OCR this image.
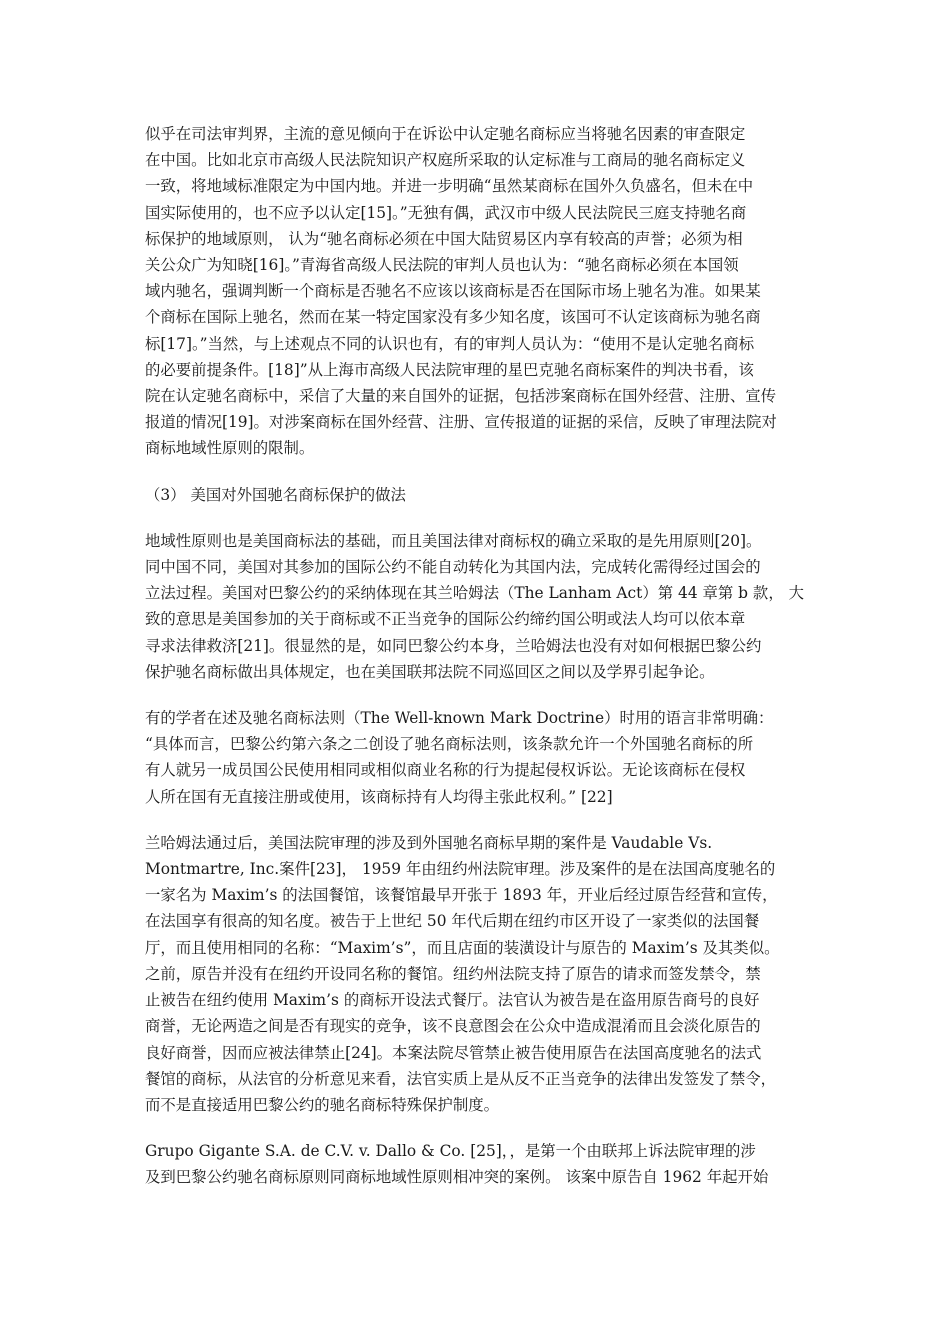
似乎在司法审判界，主流的意见倾向于在诉讼中认定驰名商标应当将驰名因素的审查限定
在中国。比如北京市高级人民法院知识产权庭所采取的认定标准与工商局的驰名商标定义
一致，将地域标准限定为中国内地。并进一步明确“虽然某商标在国外久负盛名，但未在中
国实际使用的，也不应予以认定[15]。”无独有偶，武汉市中级人民法院民三庭支持驰名商
标保护的地域原则， 认为“驰名商标必须在中国大陆贸易区内享有较高的声誉；必须为相
关公众广为知晓[16]。”青海省高级人民法院的审判人员也认为：“驰名商标必须在本国领
域内驰名，强调判断一个商标是否驰名不应该以该商标是否在国际市场上驰名为准。如果某
个商标在国际上驰名，然而在某一特定国家没有多少知名度，该国可不认定该商标为驰名商
标[17]。”当然，与上述观点不同的认识也有，有的审判人员认为：“使用不是认定驰名商标
的必要前提条件。[18]”从上海市高级人民法院审理的星巴克驰名商标案件的判决书看，该
院在认定驰名商标中，采信了大量的来自国外的证据，包括涉案商标在国外经营、注册、宣传
报道的情况[19]。对涉案商标在国外经营、注册、宣传报道的证据的采信，反映了审理法院对
商标地域性原则的限制。

（3） 美国对外国驰名商标保护的做法

地域性原则也是美国商标法的基础，而且美国法律对商标权的确立采取的是先用原则[20]。
同中国不同，美国对其参加的国际公约不能自动转化为其国内法，完成转化需得经过国会的
立法过程。美国对巴黎公约的采纳体现在其兰哈姆法（The Lanham Act）第 44 章第 b 款， 大
致的意思是美国参加的关于商标或不正当竞争的国际公约缔约国公明或法人均可以依本章
寻求法律救济[21]。很显然的是，如同巴黎公约本身，兰哈姆法也没有对如何根据巴黎公约
保护驰名商标做出具体规定，也在美国联邦法院不同巡回区之间以及学界引起争论。

有的学者在述及驰名商标法则（The Well-known Mark Doctrine）时用的语言非常明确：
“具体而言，巴黎公约第六条之二创设了驰名商标法则，该条款允许一个外国驰名商标的所
有人就另一成员国公民使用相同或相似商业名称的行为提起侵权诉讼。无论该商标在侵权
人所在国有无直接注册或使用，该商标持有人均得主张此权利。” [22]

兰哈姆法通过后，美国法院审理的涉及到外国驰名商标早期的案件是 Vaudable Vs.
Montmartre, Inc.案件[23]， 1959 年由纽约州法院审理。涉及案件的是在法国高度驰名的
一家名为 Maxim’s 的法国餐馆，该餐馆最早开张于 1893 年，开业后经过原告经营和宣传，
在法国享有很高的知名度。被告于上世纪 50 年代后期在纽约市区开设了一家类似的法国餐
厅，而且使用相同的名称：“Maxim’s”，而且店面的装潢设计与原告的 Maxim’s 及其类似。
之前，原告并没有在纽约开设同名称的餐馆。纽约州法院支持了原告的请求而签发禁令，禁
止被告在纽约使用 Maxim’s 的商标开设法式餐厅。法官认为被告是在盗用原告商号的良好
商誉，无论两造之间是否有现实的竞争，该不良意图会在公众中造成混淆而且会淡化原告的
良好商誉，因而应被法律禁止[24]。本案法院尽管禁止被告使用原告在法国高度驰名的法式
餐馆的商标，从法官的分析意见来看，法官实质上是从反不正当竞争的法律出发签发了禁令，
而不是直接适用巴黎公约的驰名商标特殊保护制度。

Grupo Gigante S.A. de C.V. v. Dallo & Co. [25]，，是第一个由联邦上诉法院审理的涉
及到巴黎公约驰名商标原则同商标地域性原则相冲突的案例。 该案中原告自 1962 年起开始
